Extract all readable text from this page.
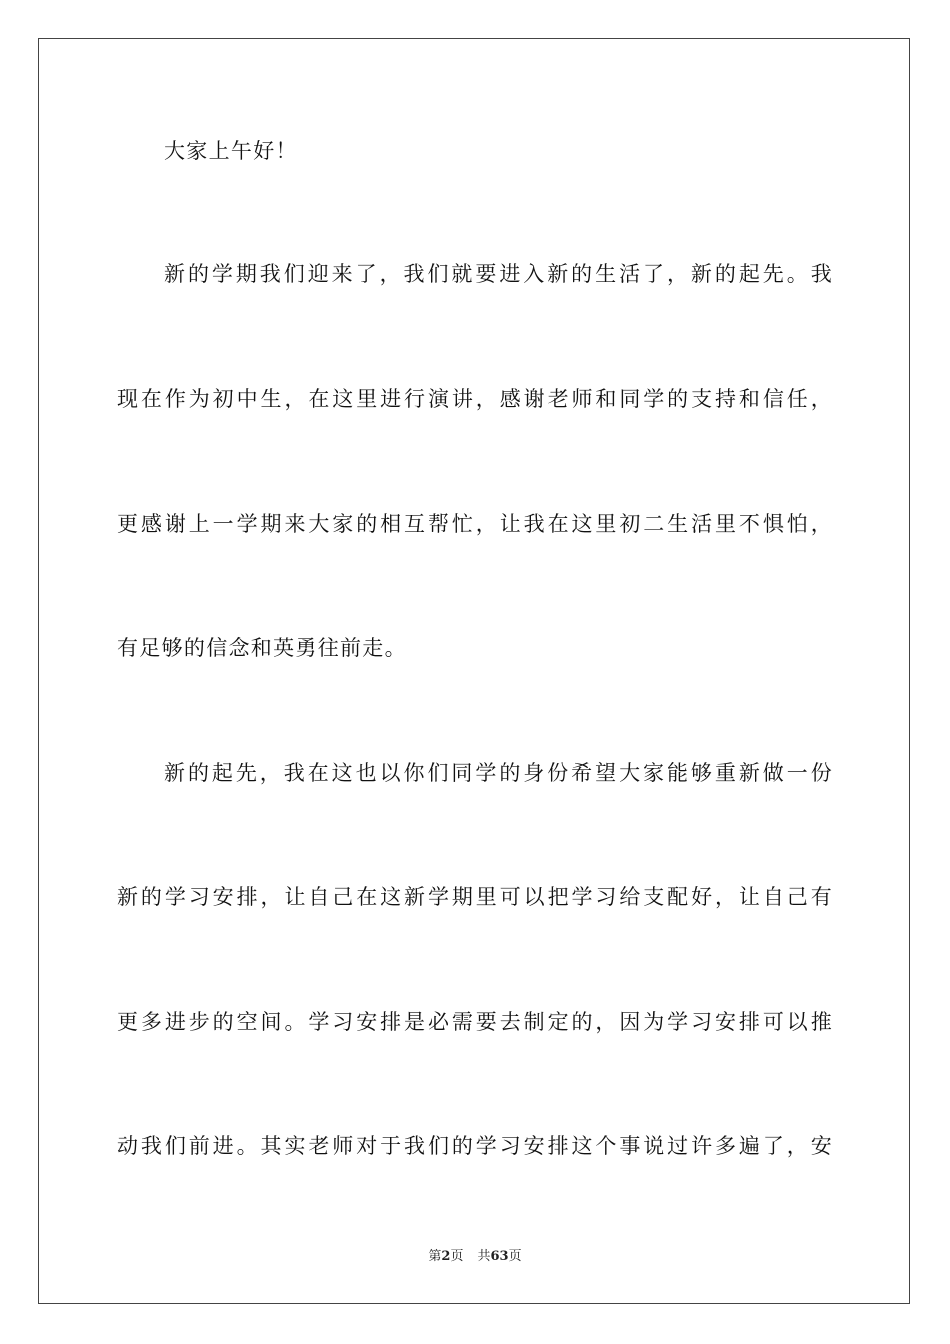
大家上午好！
新的学期我们迎来了，我们就要进入新的生活了，新的起先。我
现在作为初中生，在这里进行演讲，感谢老师和同学的支持和信任，
更感谢上一学期来大家的相互帮忙，让我在这里初二生活里不惧怕，
有足够的信念和英勇往前走。
新的起先，我在这也以你们同学的身份希望大家能够重新做一份
新的学习安排，让自己在这新学期里可以把学习给支配好，让自己有
更多进步的空间。学习安排是必需要去制定的，因为学习安排可以推
动我们前进。其实老师对于我们的学习安排这个事说过许多遍了，安
第2页 共63页
